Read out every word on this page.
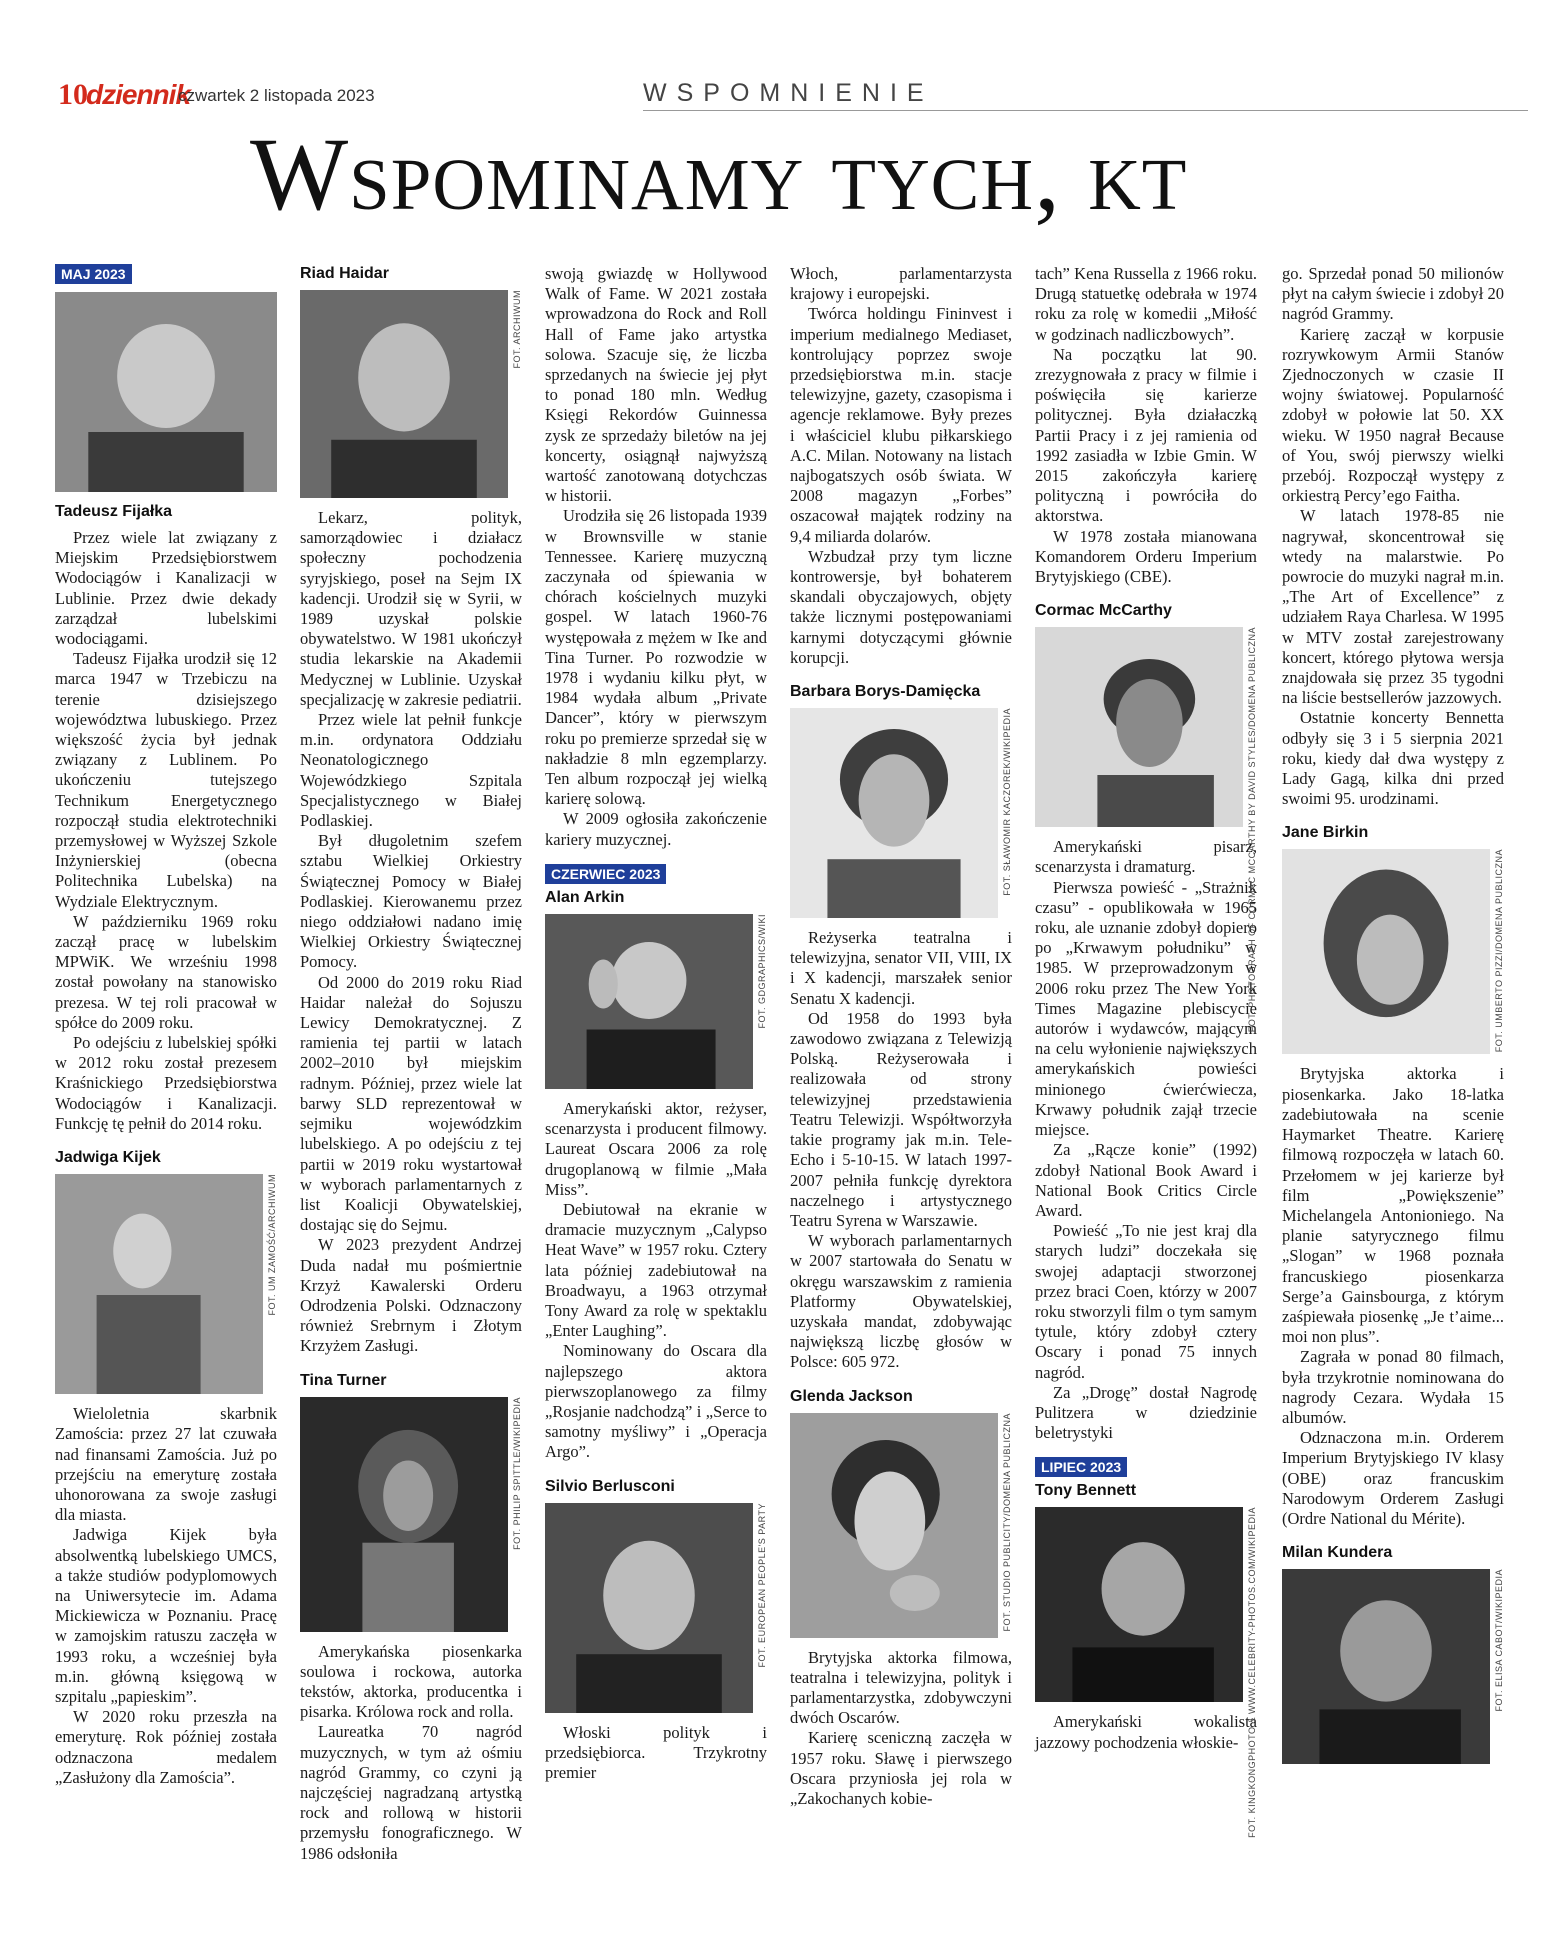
10
dziennik
czwartek 2 listopada 2023	WSPOMNIENIE
Wspominamy tych, kt
MAJ 2023
Tadeusz Fijałka

Przez wiele lat związany z Miejskim Przedsiębiorstwem Wodociągów i Kanalizacji w Lublinie. Przez dwie dekady zarządzał lubelskimi wodociągami.

Tadeusz Fijałka urodził się 12 marca 1947 w Trzebiczu na terenie dzisiejszego województwa lubuskiego. Przez większość życia był jednak związany z Lublinem. Po ukończeniu tutejszego Technikum Energetycznego rozpoczął studia elektrotechniki przemysłowej w Wyższej Szkole Inżynierskiej (obecna Politechnika Lubelska) na Wydziale Elektrycznym.

W październiku 1969 roku zaczął pracę w lubelskim MPWiK. We wrześniu 1998 został powołany na stanowisko prezesa. W tej roli pracował w spółce do 2009 roku.

Po odejściu z lubelskiej spółki w 2012 roku został prezesem Kraśnickiego Przedsiębiorstwa Wodociągów i Kanalizacji. Funkcję tę pełnił do 2014 roku.

Jadwiga Kijek
FOT. UM ZAMOŚĆ/ARCHIWUM

Wieloletnia skarbnik Zamościa: przez 27 lat czuwała nad finansami Zamościa. Już po przejściu na emeryturę została uhonorowana za swoje zasługi dla miasta.

Jadwiga Kijek była absolwentką lubelskiego UMCS, a także studiów podyplomowych na Uniwersytecie im. Adama Mickiewicza w Poznaniu. Pracę w zamojskim ratuszu zaczęła w 1993 roku, a wcześniej była m.in. główną księgową w szpitalu „papieskim”.

W 2020 roku przeszła na emeryturę. Rok później została odznaczona medalem „Zasłużony dla Zamościa”.

Riad Haidar
FOT. ARCHIWUM

Lekarz, polityk, samorządowiec i działacz społeczny pochodzenia syryjskiego, poseł na Sejm IX kadencji. Urodził się w Syrii, w 1989 uzyskał polskie obywatelstwo. W 1981 ukończył studia lekarskie na Akademii Medycznej w Lublinie. Uzyskał specjalizację w zakresie pediatrii.

Przez wiele lat pełnił funkcje m.in. ordynatora Oddziału Neonatologicznego Wojewódzkiego Szpitala Specjalistycznego w Białej Podlaskiej.

Był długoletnim szefem sztabu Wielkiej Orkiestry Świątecznej Pomocy w Białej Podlaskiej. Kierowanemu przez niego oddziałowi nadano imię Wielkiej Orkiestry Świątecznej Pomocy.

Od 2000 do 2019 roku Riad Haidar należał do Sojuszu Lewicy Demokratycznej. Z ramienia tej partii w latach 2002–2010 był miejskim radnym. Później, przez wiele lat barwy SLD reprezentował w sejmiku wojewódzkim lubelskiego. A po odejściu z tej partii w 2019 roku wystartował w wyborach parlamentarnych z list Koalicji Obywatelskiej, dostając się do Sejmu.

W 2023 prezydent Andrzej Duda nadał mu pośmiertnie Krzyż Kawalerski Orderu Odrodzenia Polski. Odznaczony również Srebrnym i Złotym Krzyżem Zasługi.

Tina Turner
FOT. PHILIP SPITTLE/WIKIPEDIA

Amerykańska piosenkarka soulowa i rockowa, autorka tekstów, aktorka, producentka i pisarka. Królowa rock and rolla.

Laureatka 70 nagród muzycznych, w tym aż ośmiu nagród Grammy, co czyni ją najczęściej nagradzaną artystką rock and rollową w historii przemysłu fonograficznego. W 1986 odsłoniła

swoją gwiazdę w Hollywood Walk of Fame. W 2021 została wprowadzona do Rock and Roll Hall of Fame jako artystka solowa. Szacuje się, że liczba sprzedanych na świecie jej płyt to ponad 180 mln. Według Księgi Rekordów Guinnessa zysk ze sprzedaży biletów na jej koncerty, osiągnął najwyższą wartość zanotowaną dotychczas w historii.

Urodziła się 26 listopada 1939 w Brownsville w stanie Tennessee. Karierę muzyczną zaczynała od śpiewania w chórach kościelnych muzyki gospel. W latach 1960-76 występowała z mężem w Ike and Tina Turner. Po rozwodzie w 1978 i wydaniu kilku płyt, w 1984 wydała album „Private Dancer”, który w pierwszym roku po premierze sprzedał się w nakładzie 8 mln egzemplarzy. Ten album rozpoczął jej wielką karierę solową.

W 2009 ogłosiła zakończenie kariery muzycznej.

CZERWIEC 2023
Alan Arkin
FOT. GDGRAPHICS/WIKI

Amerykański aktor, reżyser, scenarzysta i producent filmowy. Laureat Oscara 2006 za rolę drugoplanową w filmie „Mała Miss”.

Debiutował na ekranie w dramacie muzycznym „Calypso Heat Wave” w 1957 roku. Cztery lata później zadebiutował na Broadwayu, a 1963 otrzymał Tony Award za rolę w spektaklu „Enter Laughing”.

Nominowany do Oscara dla najlepszego aktora pierwszoplanowego za filmy „Rosjanie nadchodzą” i „Serce to samotny myśliwy” i „Operacja Argo”.

Silvio Berlusconi
FOT. EUROPEAN PEOPLE'S PARTY

Włoski polityk i przedsiębiorca. Trzykrotny premier

Włoch, parlamentarzysta krajowy i europejski.

Twórca holdingu Fininvest i imperium medialnego Mediaset, kontrolujący poprzez swoje przedsiębiorstwa m.in. stacje telewizyjne, gazety, czasopisma i agencje reklamowe. Były prezes i właściciel klubu piłkarskiego A.C. Milan. Notowany na listach najbogatszych osób świata. W 2008 magazyn „Forbes” oszacował majątek rodziny na 9,4 miliarda dolarów.

Wzbudzał przy tym liczne kontrowersje, był bohaterem skandali obyczajowych, objęty także licznymi postępowaniami karnymi dotyczącymi głównie korupcji.

Barbara Borys-Damięcka
FOT. SŁAWOMIR KACZOREK/WIKIPEDIA

Reżyserka teatralna i telewizyjna, senator VII, VIII, IX i X kadencji, marszałek senior Senatu X kadencji.

Od 1958 do 1993 była zawodowo związana z Telewizją Polską. Reżyserowała i realizowała od strony telewizyjnej przedstawienia Teatru Telewizji. Współtworzyła takie programy jak m.in. Tele-Echo i 5-10-15. W latach 1997-2007 pełniła funkcję dyrektora naczelnego i artystycznego Teatru Syrena w Warszawie.

W wyborach parlamentarnych w 2007 startowała do Senatu w okręgu warszawskim z ramienia Platformy Obywatelskiej, uzyskała mandat, zdobywając największą liczbę głosów w Polsce: 605 972.

Glenda Jackson
FOT. STUDIO PUBLICITY/DOMENA PUBLICZNA

Brytyjska aktorka filmowa, teatralna i telewizyjna, polityk i parlamentarzystka, zdobywczyni dwóch Oscarów.

Karierę sceniczną zaczęła w 1957 roku. Sławę i pierwszego Oscara przyniosła jej rola w „Zakochanych kobie-

tach” Kena Russella z 1966 roku. Drugą statuetkę odebrała w 1974 roku za rolę w komedii „Miłość w godzinach nadliczbowych”.

Na początku lat 90. zrezygnowała z pracy w filmie i poświęciła się karierze politycznej. Była działaczką Partii Pracy i z jej ramienia od 1992 zasiadła w Izbie Gmin. W 2015 zakończyła karierę polityczną i powróciła do aktorstwa.

W 1978 została mianowana Komandorem Orderu Imperium Brytyjskiego (CBE).

Cormac McCarthy
FOT. PHOTOGRAPH OF CORMAC MCCARTHY BY DAVID STYLES/DOMENA PUBLICZNA

Amerykański pisarz, scenarzysta i dramaturg.

Pierwsza powieść - „Strażnik czasu” - opublikowała w 1965 roku, ale uznanie zdobył dopiero po „Krwawym południku” w 1985. W przeprowadzonym w 2006 roku przez The New York Times Magazine plebiscycie autorów i wydawców, mającym na celu wyłonienie największych amerykańskich powieści minionego ćwierćwiecza, Krwawy południk zajął trzecie miejsce.

Za „Rącze konie” (1992) zdobył National Book Award i National Book Critics Circle Award.

Powieść „To nie jest kraj dla starych ludzi” doczekała się swojej adaptacji stworzonej przez braci Coen, którzy w 2007 roku stworzyli film o tym samym tytule, który zdobył cztery Oscary i ponad 75 innych nagród.

Za „Drogę” dostał Nagrodę Pulitzera w dziedzinie beletrystyki

LIPIEC 2023
Tony Bennett
FOT. KINGKONGPHOTO & WWW.CELEBRITY-PHOTOS.COM/WIKIPEDIA

Amerykański wokalista jazzowy pochodzenia włoskie-

go. Sprzedał ponad 50 milionów płyt na całym świecie i zdobył 20 nagród Grammy.

Karierę zaczął w korpusie rozrywkowym Armii Stanów Zjednoczonych w czasie II wojny światowej. Popularność zdobył w połowie lat 50. XX wieku. W 1950 nagrał Because of You, swój pierwszy wielki przebój. Rozpoczął występy z orkiestrą Percy’ego Faitha.

W latach 1978-85 nie nagrywał, skoncentrował się wtedy na malarstwie. Po powrocie do muzyki nagrał m.in. „The Art of Excellence” z udziałem Raya Charlesa. W 1995 w MTV został zarejestrowany koncert, którego płytowa wersja znajdowała się przez 35 tygodni na liście bestsellerów jazzowych.

Ostatnie koncerty Bennetta odbyły się 3 i 5 sierpnia 2021 roku, kiedy dał dwa występy z Lady Gagą, kilka dni przed swoimi 95. urodzinami.

Jane Birkin
FOT. UMBERTO PIZZI/DOMENA PUBLICZNA

Brytyjska aktorka i piosenkarka. Jako 18-latka zadebiutowała na scenie Haymarket Theatre. Karierę filmową rozpoczęła w latach 60. Przełomem w jej karierze był film „Powiększenie” Michelangela Antonioniego. Na planie satyrycznego filmu „Slogan” w 1968 poznała francuskiego piosenkarza Serge’a Gainsbourga, z którym zaśpiewała piosenkę „Je t’aime... moi non plus”.

Zagrała w ponad 80 filmach, była trzykrotnie nominowana do nagrody Cezara. Wydała 15 albumów.

Odznaczona m.in. Orderem Imperium Brytyjskiego IV klasy (OBE) oraz francuskim Narodowym Orderem Zasługi (Ordre National du Mérite).

Milan Kundera
FOT. ELISA CABOT/WIKIPEDIA
